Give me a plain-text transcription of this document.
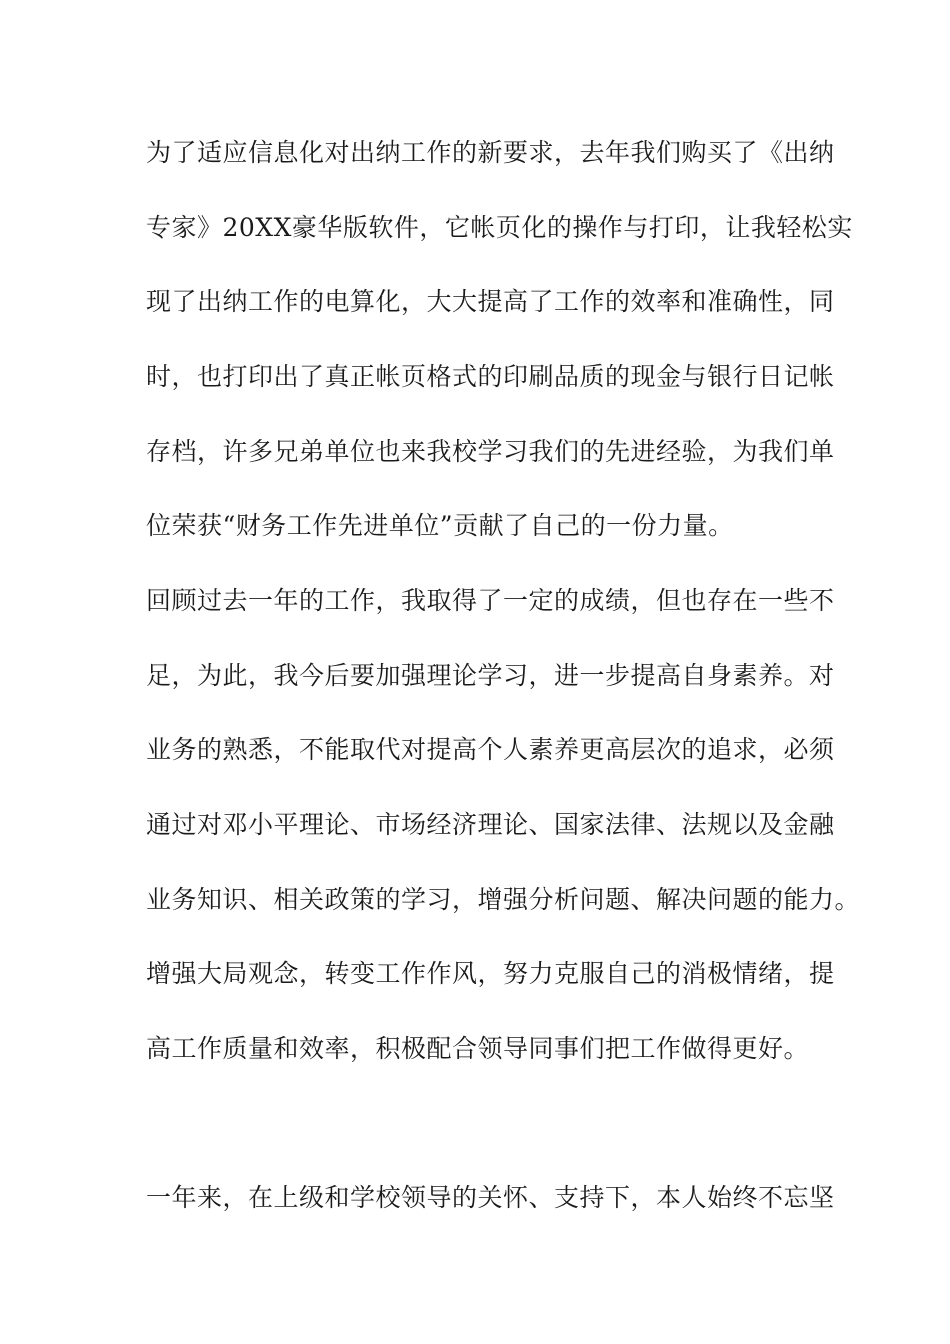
为了适应信息化对出纳工作的新要求，去年我们购买了《出纳
专家》20XX豪华版软件，它帐页化的操作与打印，让我轻松实
现了出纳工作的电算化，大大提高了工作的效率和准确性，同
时，也打印出了真正帐页格式的印刷品质的现金与银行日记帐
存档，许多兄弟单位也来我校学习我们的先进经验，为我们单
位荣获“财务工作先进单位”贡献了自己的一份力量。
回顾过去一年的工作，我取得了一定的成绩，但也存在一些不
足，为此，我今后要加强理论学习，进一步提高自身素养。对
业务的熟悉，不能取代对提高个人素养更高层次的追求，必须
通过对邓小平理论、市场经济理论、国家法律、法规以及金融
业务知识、相关政策的学习，增强分析问题、解决问题的能力。
增强大局观念，转变工作作风，努力克服自己的消极情绪，提
高工作质量和效率，积极配合领导同事们把工作做得更好。
一年来，在上级和学校领导的关怀、支持下，本人始终不忘坚
